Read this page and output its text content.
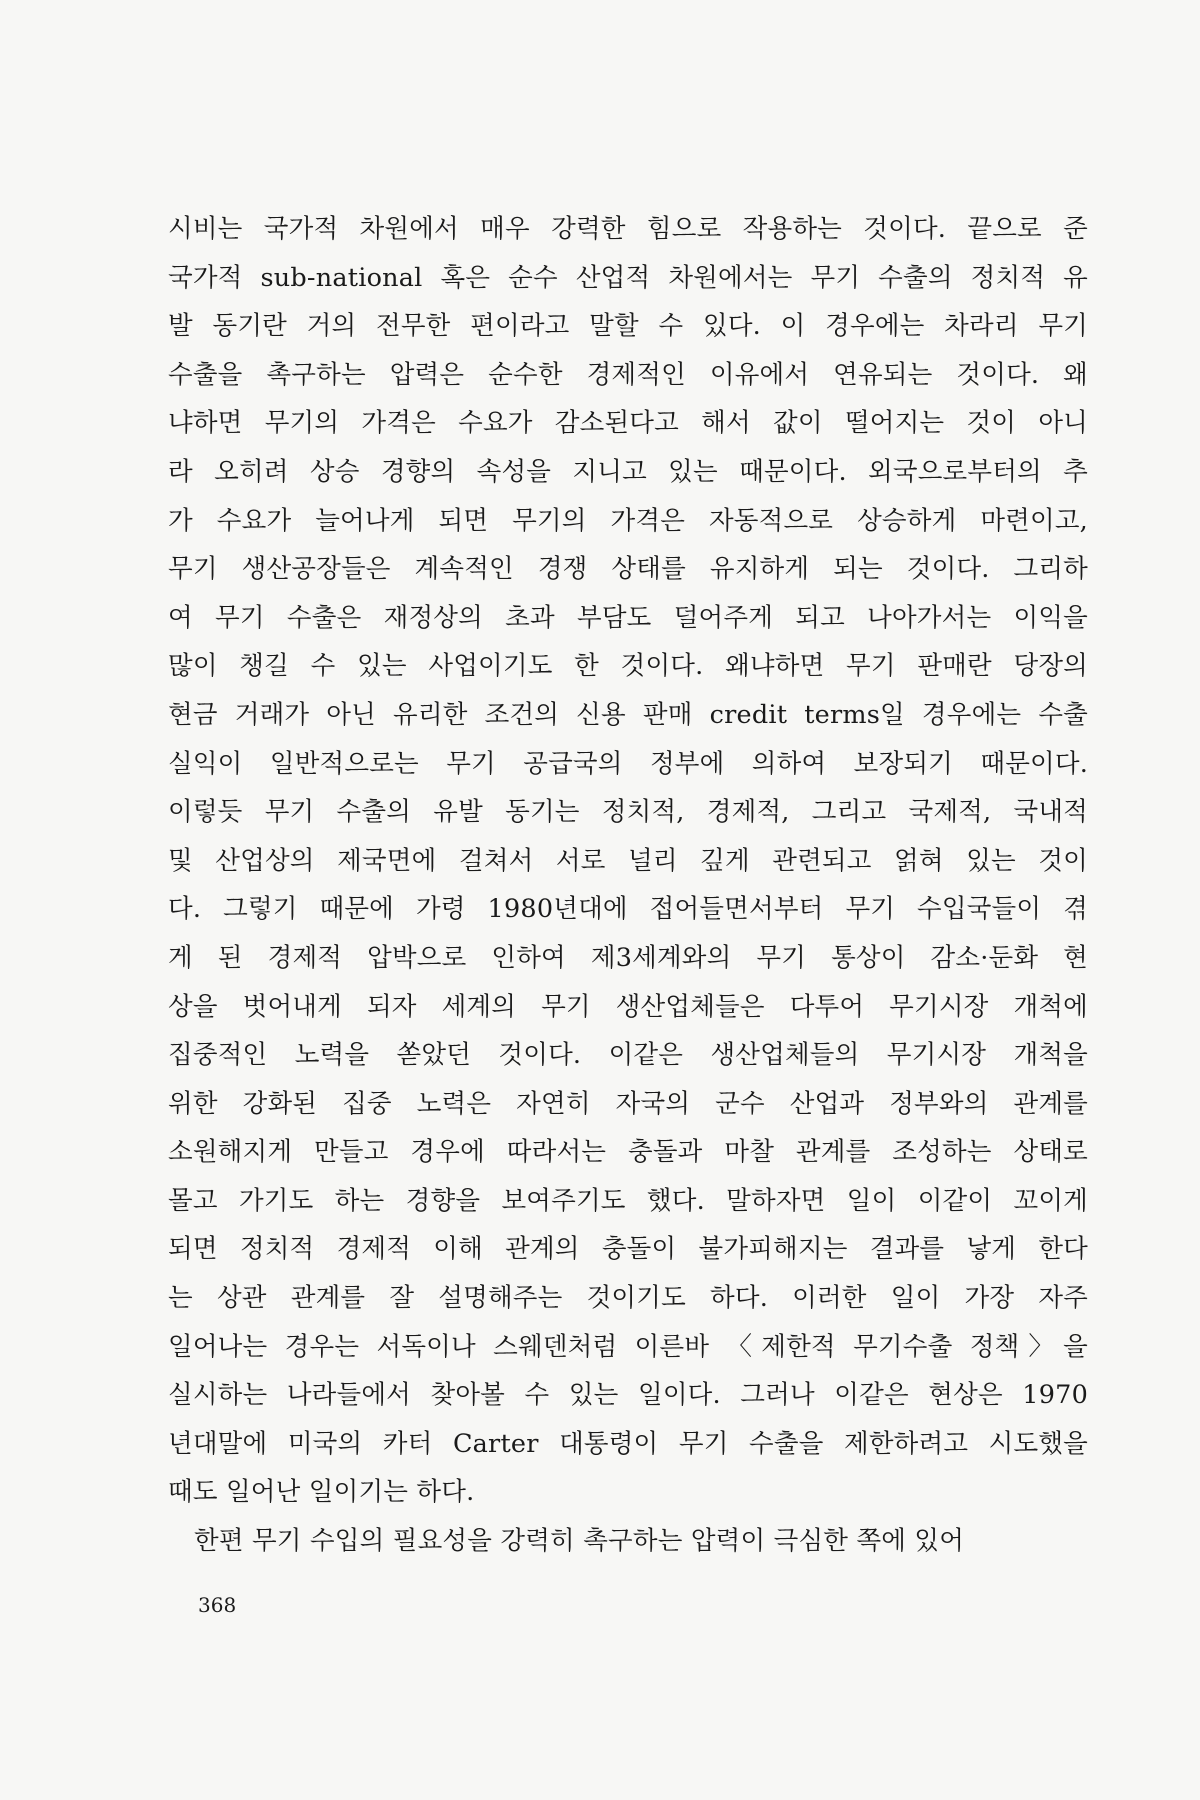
시비는 국가적 차원에서 매우 강력한 힘으로 작용하는 것이다. 끝으로 준
국가적 sub-national 혹은 순수 산업적 차원에서는 무기 수출의 정치적 유
발 동기란 거의 전무한 편이라고 말할 수 있다. 이 경우에는 차라리 무기
수출을 촉구하는 압력은 순수한 경제적인 이유에서 연유되는 것이다. 왜
냐하면 무기의 가격은 수요가 감소된다고 해서 값이 떨어지는 것이 아니
라 오히려 상승 경향의 속성을 지니고 있는 때문이다. 외국으로부터의 추
가 수요가 늘어나게 되면 무기의 가격은 자동적으로 상승하게 마련이고,
무기 생산공장들은 계속적인 경쟁 상태를 유지하게 되는 것이다. 그리하
여 무기 수출은 재정상의 초과 부담도 덜어주게 되고 나아가서는 이익을
많이 챙길 수 있는 사업이기도 한 것이다. 왜냐하면 무기 판매란 당장의
현금 거래가 아닌 유리한 조건의 신용 판매 credit terms일 경우에는 수출
실익이 일반적으로는 무기 공급국의 정부에 의하여 보장되기 때문이다.
이렇듯 무기 수출의 유발 동기는 정치적, 경제적, 그리고 국제적, 국내적
및 산업상의 제국면에 걸쳐서 서로 널리 깊게 관련되고 얽혀 있는 것이
다. 그렇기 때문에 가령 1980년대에 접어들면서부터 무기 수입국들이 겪
게 된 경제적 압박으로 인하여 제3세계와의 무기 통상이 감소·둔화 현
상을 벗어내게 되자 세계의 무기 생산업체들은 다투어 무기시장 개척에
집중적인 노력을 쏟았던 것이다. 이같은 생산업체들의 무기시장 개척을
위한 강화된 집중 노력은 자연히 자국의 군수 산업과 정부와의 관계를
소원해지게 만들고 경우에 따라서는 충돌과 마찰 관계를 조성하는 상태로
몰고 가기도 하는 경향을 보여주기도 했다. 말하자면 일이 이같이 꼬이게
되면 정치적 경제적 이해 관계의 충돌이 불가피해지는 결과를 낳게 한다
는 상관 관계를 잘 설명해주는 것이기도 하다. 이러한 일이 가장 자주
일어나는 경우는 서독이나 스웨덴처럼 이른바 〈제한적 무기수출 정책〉을
실시하는 나라들에서 찾아볼 수 있는 일이다. 그러나 이같은 현상은 1970
년대말에 미국의 카터 Carter 대통령이 무기 수출을 제한하려고 시도했을
때도 일어난 일이기는 하다.
한편 무기 수입의 필요성을 강력히 촉구하는 압력이 극심한 쪽에 있어
368
